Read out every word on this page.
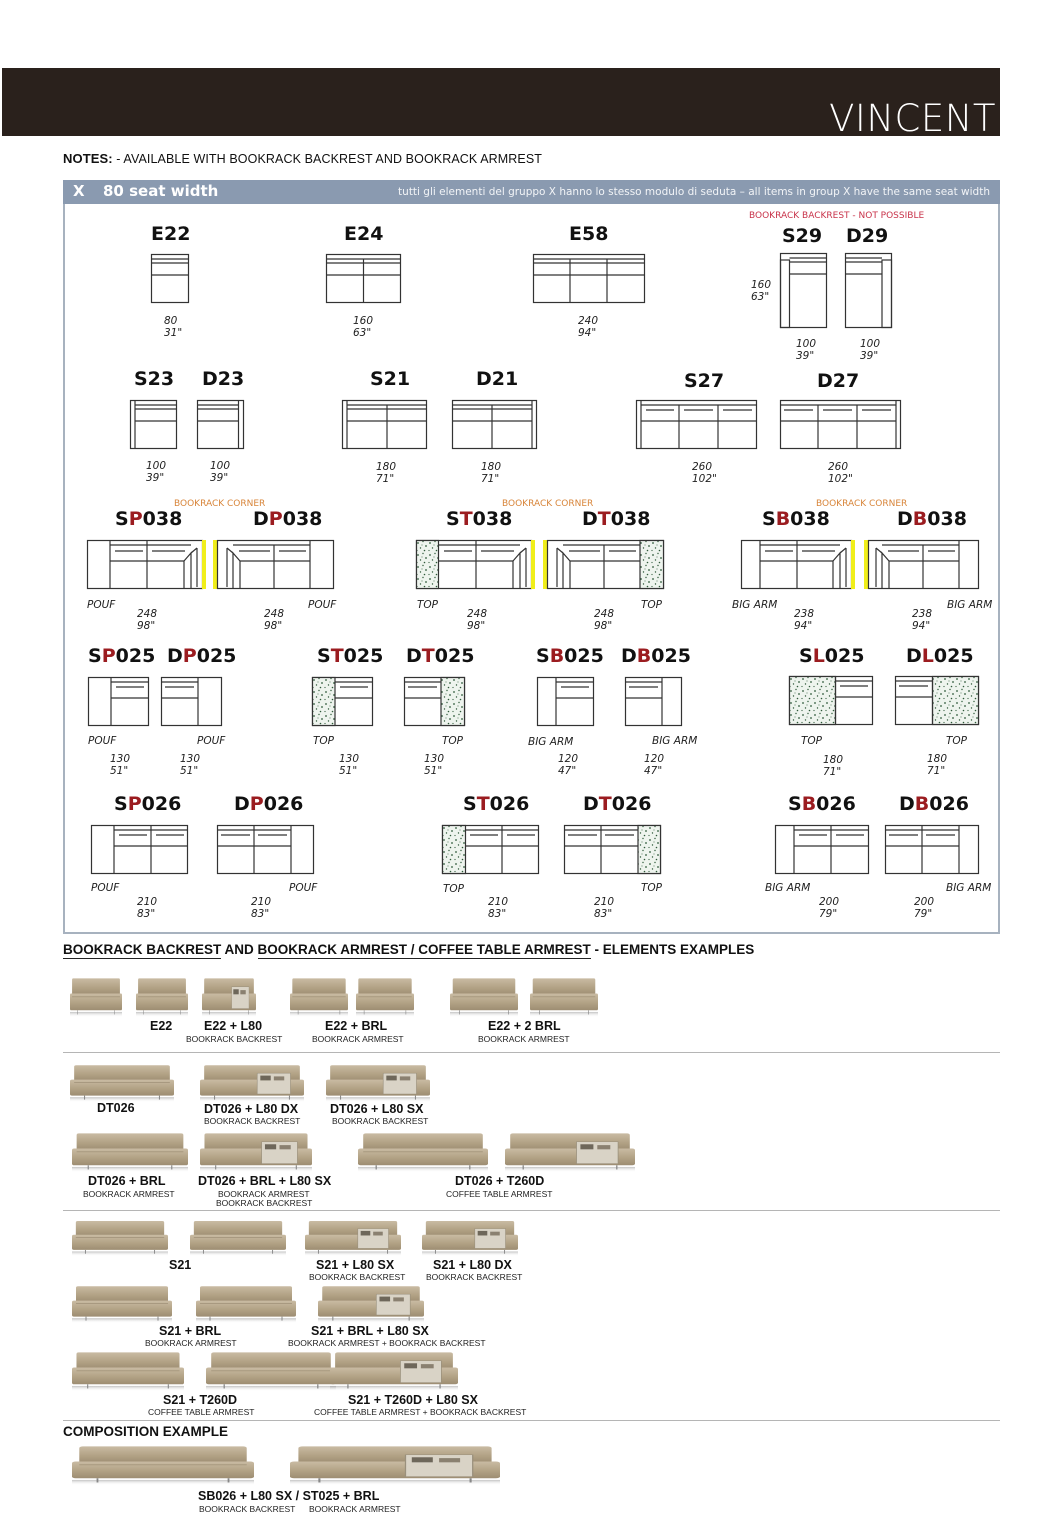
VINCENT
NOTES: - AVAILABLE WITH BOOKRACK BACKREST AND BOOKRACK ARMREST
X 80 seat width	tutti gli elementi del gruppo X hanno lo stesso modulo di seduta – all items in group X have the same seat width
E22
80
31"
E24
160
63"
E58
240
94"
BOOKRACK BACKREST - NOT POSSIBLE
S29 D29
160
63"
100
39"
100
39"
S23 D23
100
39"
100
39"
S21	D21
180
71"
180
71"
S27	D27
260
102"
260
102"
BOOKRACK CORNER	BOOKRACK CORNER	BOOKRACK CORNER
SP038	DP038
POUF	POUF
248
98"
248
98"
ST038	DT038
TOP	TOP
248
98"
248
98"
SB038	DB038
BIG ARM	BIG ARM
238
94"
238
94"
SP025 DP025
POUF	POUF
130
51"
130
51"
ST025 DT025
TOP	TOP
130
51"
130
51"
SB025 DB025
BIG ARM	BIG ARM
120
47"
120
47"
SL025 DL025
TOP	TOP
180
71"
180
71"
SP026	DP026
POUF	POUF
210
83"
210
83"
ST026	DT026
TOP	TOP
210
83"
210
83"
SB026 DB026
BIG ARM	BIG ARM
200
79"
200
79"
BOOKRACK BACKREST AND BOOKRACK ARMREST / COFFEE TABLE ARMREST - ELEMENTS EXAMPLES
E22	E22 + L80
BOOKRACK BACKREST
E22 + BRL
BOOKRACK ARMREST
E22 + 2 BRL
BOOKRACK ARMREST
DT026	DT026 + L80 DX
BOOKRACK BACKREST
DT026 + L80 SX
BOOKRACK BACKREST
DT026 + BRL
BOOKRACK ARMREST
DT026 + BRL + L80 SX
BOOKRACK ARMREST
BOOKRACK BACKREST
DT026 + T260D
COFFEE TABLE ARMREST
S21	S21 + L80 SX
BOOKRACK BACKREST
S21 + L80 DX
BOOKRACK BACKREST
S21 + BRL
BOOKRACK ARMREST
S21 + BRL + L80 SX
BOOKRACK ARMREST + BOOKRACK BACKREST
S21 + T260D
COFFEE TABLE ARMREST
S21 + T260D + L80 SX
COFFEE TABLE ARMREST + BOOKRACK BACKREST
COMPOSITION EXAMPLE
SB026 + L80 SX / ST025 + BRL
BOOKRACK BACKREST BOOKRACK ARMREST
